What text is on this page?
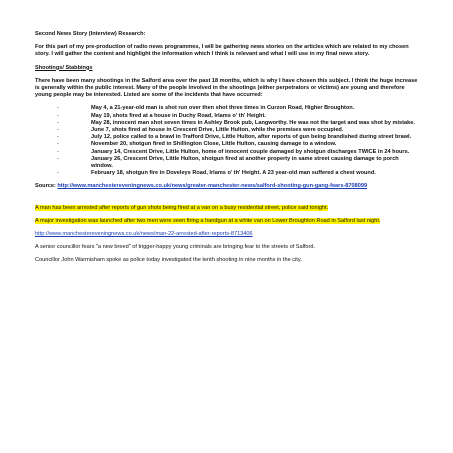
Second News Story (Interview) Research:

For this part of my pre-production of radio news programmes, I will be gathering news stories on the articles which are related to my chosen story. I will gather the content and highlight the information which I think is relevant and what I will use in my final news story.

Shootings/ Stabbings

There have been many shootings in the Salford area over the past 18 months, which is why I have chosen this subject. I think the huge increase is generally within the public interest. Many of the people involved in the shootings (either perpetrators or victims) are young and therefore young people may be interested. Listed are some of the incidents that have occurred:

-	May 4, a 21-year-old man is shot run over then shot three times in Curzon Road, Higher Broughton.
-	May 19, shots fired at a house in Duchy Road, Irlams o' th' Height.
-	May 28, innocent man shot seven times in Ashley Brook pub, Langworthy. He was not the target and was shot by mistake.
-	June 7, shots fired at house in Crescent Drive, Little Hulton, while the premises were occupied.
-	July 12, police called to a brawl in Trafford Drive, Little Hulton, after reports of gun being brandished during street brawl.
-	November 20, shotgun fired in Shillington Close, Little Hulton, causing damage to a window.
-	January 14, Crescent Drive, Little Hulton, home of innocent couple damaged by shotgun discharges TWICE in 24 hours.
-	January 26, Crescent Drive, Little Hulton, shotgun fired at another property in same street causing damage to porch window.
-	February 18, shotgun fire in Doveleys Road, Irlams o' th' Height. A 23 year-old man suffered a chest wound.

Source: http://www.manchestereveningnews.co.uk/news/greater-manchester-news/salford-shooting-gun-gang-fears-8708099

A man has been arrested after reports of gun shots being fired at a van on a busy residential street, police said tonight.

A major investigation was launched after two men were seen firing a handgun at a white van on Lower Broughton Road in Salford last night.

http://www.manchestereveningnews.co.uk/news/man-22-arrested-after-reports-8713406

A senior councillor fears "a new breed" of trigger-happy young criminals are bringing fear to the streets of Salford.

Councillor John Warmisham spoke as police today investigated the tenth shooting in nine months in the city.
